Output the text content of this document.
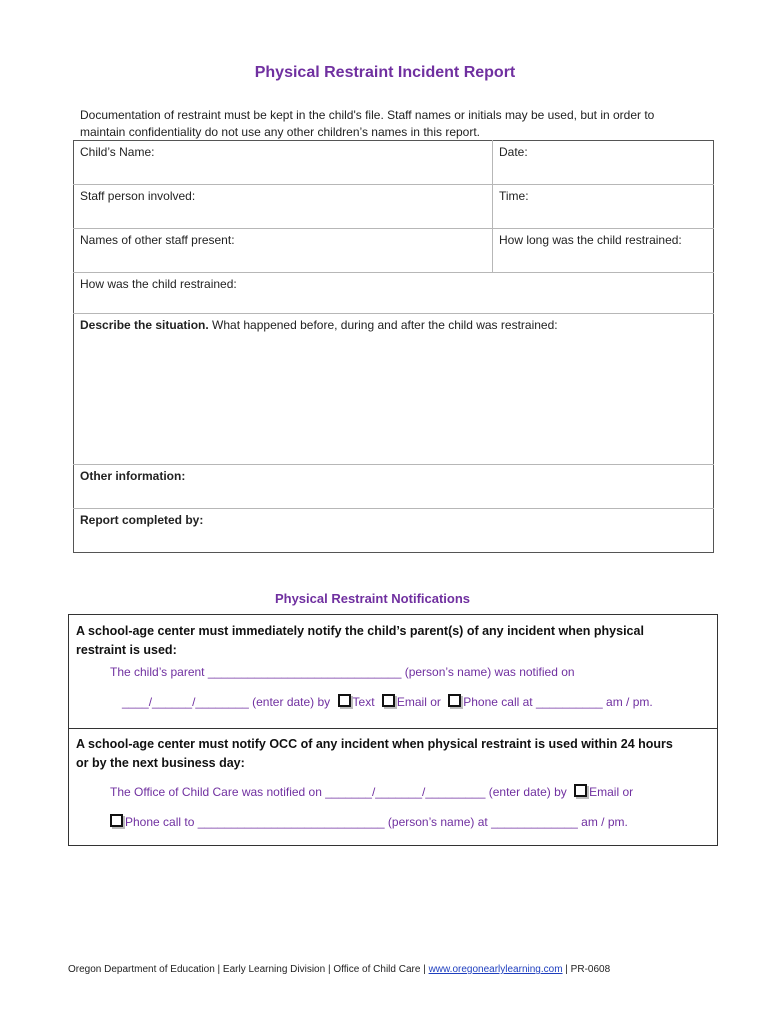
Physical Restraint Incident Report
Documentation of restraint must be kept in the child's file. Staff names or initials may be used, but in order to
maintain confidentiality do not use any other children’s names in this report.
Child’s Name:	Date:
Staff person involved:	Time:
Names of other staff present:	How long was the child restrained:
How was the child restrained:	
Describe the situation. What happened before, during and after the child was restrained:	
Other information:	
Report completed by:	
Physical Restraint Notifications
A school-age center must immediately notify the child’s parent(s) of any incident when physical
restraint is used:
The child’s parent _____________________________ (person’s name) was notified on
____/______/________ (enter date) by Text Email or Phone call at __________ am / pm.
A school-age center must notify OCC of any incident when physical restraint is used within 24 hours
or by the next business day:
The Office of Child Care was notified on _______/_______/_________ (enter date) by Email or
Phone call to ____________________________ (person’s name) at _____________ am / pm.
Oregon Department of Education | Early Learning Division | Office of Child Care | www.oregonearlylearning.com | PR-0608
